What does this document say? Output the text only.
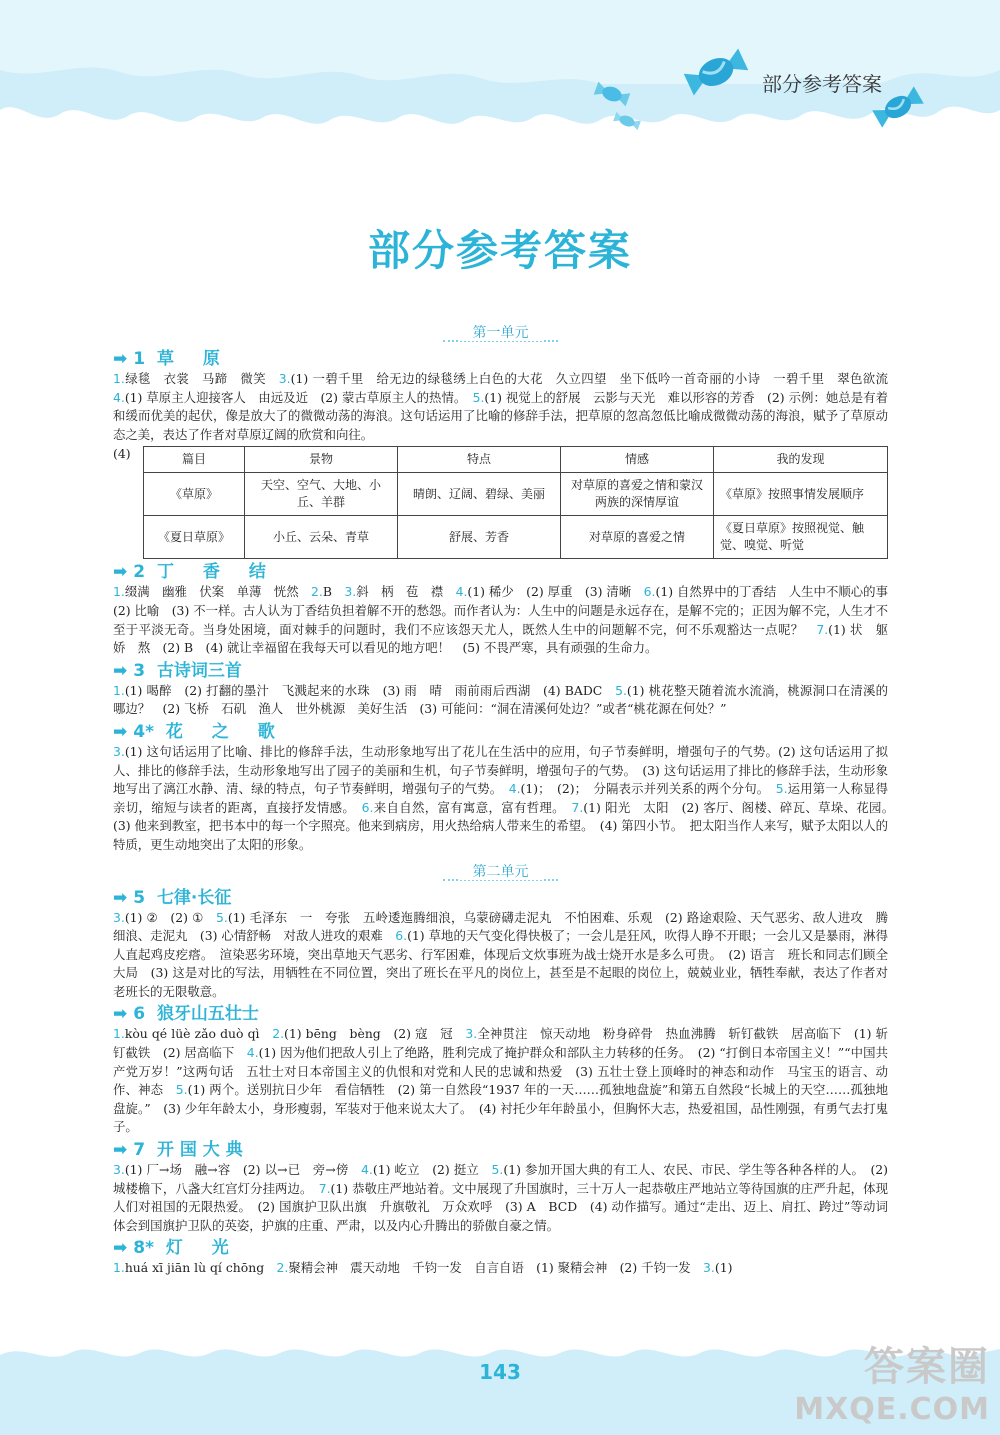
部分参考答案
部分参考答案
第一单元
➡ 1 草　原

1.绿毯　衣裳　马蹄　微笑　3.(1) 一碧千里　给无边的绿毯绣上白色的大花　久立四望　坐下低吟一首奇丽的小诗　一碧千里　翠色欲流　4.(1) 草原主人迎接客人　由远及近　(2) 蒙古草原主人的热情。　5.(1) 视觉上的舒展　云影与天光　难以形容的芳香　(2) 示例：她总是有着和缓而优美的起伏，像是放大了的微微动荡的海浪。这句话运用了比喻的修辞手法，把草原的忽高忽低比喻成微微动荡的海浪，赋予了草原动态之美，表达了作者对草原辽阔的欣赏和向往。

(4)	篇目	景物	特点	情感	我的发现
《草原》	天空、空气、大地、小丘、羊群	晴朗、辽阔、碧绿、美丽	对草原的喜爱之情和蒙汉两族的深情厚谊	《草原》按照事情发展顺序
《夏日草原》	小丘、云朵、青草	舒展、芳香	对草原的喜爱之情	《夏日草原》按照视觉、触觉、嗅觉、听觉
➡ 2 丁　香　结

1.缀满　幽雅　伏案　单薄　恍然　2.B　3.斜　柄　苞　襟　4.(1) 稀少　(2) 厚重　(3) 清晰　6.(1) 自然界中的丁香结　人生中不顺心的事　(2) 比喻　(3) 不一样。古人认为丁香结负担着解不开的愁怨。而作者认为：人生中的问题是永远存在，是解不完的；正因为解不完，人生才不至于平淡无奇。当身处困境，面对棘手的问题时，我们不应该怨天尤人，既然人生中的问题解不完，何不乐观豁达一点呢？　7.(1) 状　躯　娇　熬　(2) B　(4) 就让幸福留在我每天可以看见的地方吧！　(5) 不畏严寒，具有顽强的生命力。

➡ 3 古诗词三首

1.(1) 喝醉　(2) 打翻的墨汁　飞溅起来的水珠　(3) 雨　晴　雨前雨后西湖　(4) BADC　5.(1) 桃花整天随着流水流淌，桃源洞口在清溪的哪边？　(2) 飞桥　石矶　渔人　世外桃源　美好生活　(3) 可能问：“洞在清溪何处边？”或者“桃花源在何处？”

➡ 4* 花　之　歌

3.(1) 这句话运用了比喻、排比的修辞手法，生动形象地写出了花儿在生活中的应用，句子节奏鲜明，增强句子的气势。(2) 这句话运用了拟人、排比的修辞手法，生动形象地写出了园子的美丽和生机，句子节奏鲜明，增强句子的气势。　(3) 这句话运用了排比的修辞手法，生动形象地写出了漓江水静、清、绿的特点，句子节奏鲜明，增强句子的气势。　4.(1)；　(2)；　分隔表示并列关系的两个分句。　5.运用第一人称显得亲切，缩短与读者的距离，直接抒发情感。　6.来自自然，富有寓意，富有哲理。　7.(1) 阳光　太阳　(2) 客厅、阁楼、碎瓦、草垛、花园。　(3) 他来到教室，把书本中的每一个字照亮。他来到病房，用火热给病人带来生的希望。　(4) 第四小节。　把太阳当作人来写，赋予太阳以人的特质，更生动地突出了太阳的形象。

第二单元
➡ 5 七律·长征

3.(1) ②　(2) ①　5.(1) 毛泽东　一　夸张　五岭逶迤腾细浪，乌蒙磅礴走泥丸　不怕困难、乐观　(2) 路途艰险、天气恶劣、敌人进攻　腾细浪、走泥丸　(3) 心情舒畅　对敌人进攻的艰难　6.(1) 草地的天气变化得快极了；一会儿是狂风，吹得人睁不开眼；一会儿又是暴雨，淋得人直起鸡皮疙瘩。　渲染恶劣环境，突出草地天气恶劣、行军困难，体现后文炊事班为战士烧开水是多么可贵。　(2) 语言　班长和同志们顾全大局　(3) 这是对比的写法，用牺牲在不同位置，突出了班长在平凡的岗位上，甚至是不起眼的岗位上，兢兢业业，牺牲奉献，表达了作者对老班长的无限敬意。

➡ 6 狼牙山五壮士

1.kòu qé lüè zǎo duò qì　2.(1) bēng　bèng　(2) 寇　冠　3.全神贯注　惊天动地　粉身碎骨　热血沸腾　斩钉截铁　居高临下　(1) 斩钉截铁　(2) 居高临下　4.(1) 因为他们把敌人引上了绝路，胜利完成了掩护群众和部队主力转移的任务。　(2) “打倒日本帝国主义！”“中国共产党万岁！”这两句话　五壮士对日本帝国主义的仇恨和对党和人民的忠诚和热爱　(3) 五壮士登上顶峰时的神态和动作　马宝玉的语言、动作、神态　5.(1) 两个。送别抗日少年　看信牺牲　(2) 第一自然段“1937 年的一天……孤独地盘旋”和第五自然段“长城上的天空……孤独地盘旋。”　(3) 少年年龄太小，身形瘦弱，军装对于他来说太大了。　(4) 衬托少年年龄虽小，但胸怀大志，热爱祖国，品性刚强，有勇气去打鬼子。

➡ 7 开 国 大 典

3.(1) 厂→场　融→容　(2) 以→已　旁→傍　4.(1) 屹立　(2) 挺立　5.(1) 参加开国大典的有工人、农民、市民、学生等各种各样的人。　(2) 城楼檐下，八盏大红宫灯分挂两边。　7.(1) 恭敬庄严地站着。文中展现了升国旗时，三十万人一起恭敬庄严地站立等待国旗的庄严升起，体现人们对祖国的无限热爱。　(2) 国旗护卫队出旗　升旗敬礼　万众欢呼　(3) A　BCD　(4) 动作描写。通过“走出、迈上、肩扛、跨过”等动词体会到国旗护卫队的英姿，护旗的庄重、严肃，以及内心升腾出的骄傲自豪之情。

➡ 8* 灯　光

1.huá xī jiān lù qí chōng　2.聚精会神　震天动地　千钧一发　自言自语　(1) 聚精会神　(2) 千钧一发　3.(1)

143	答案圈
MXQE.COM
